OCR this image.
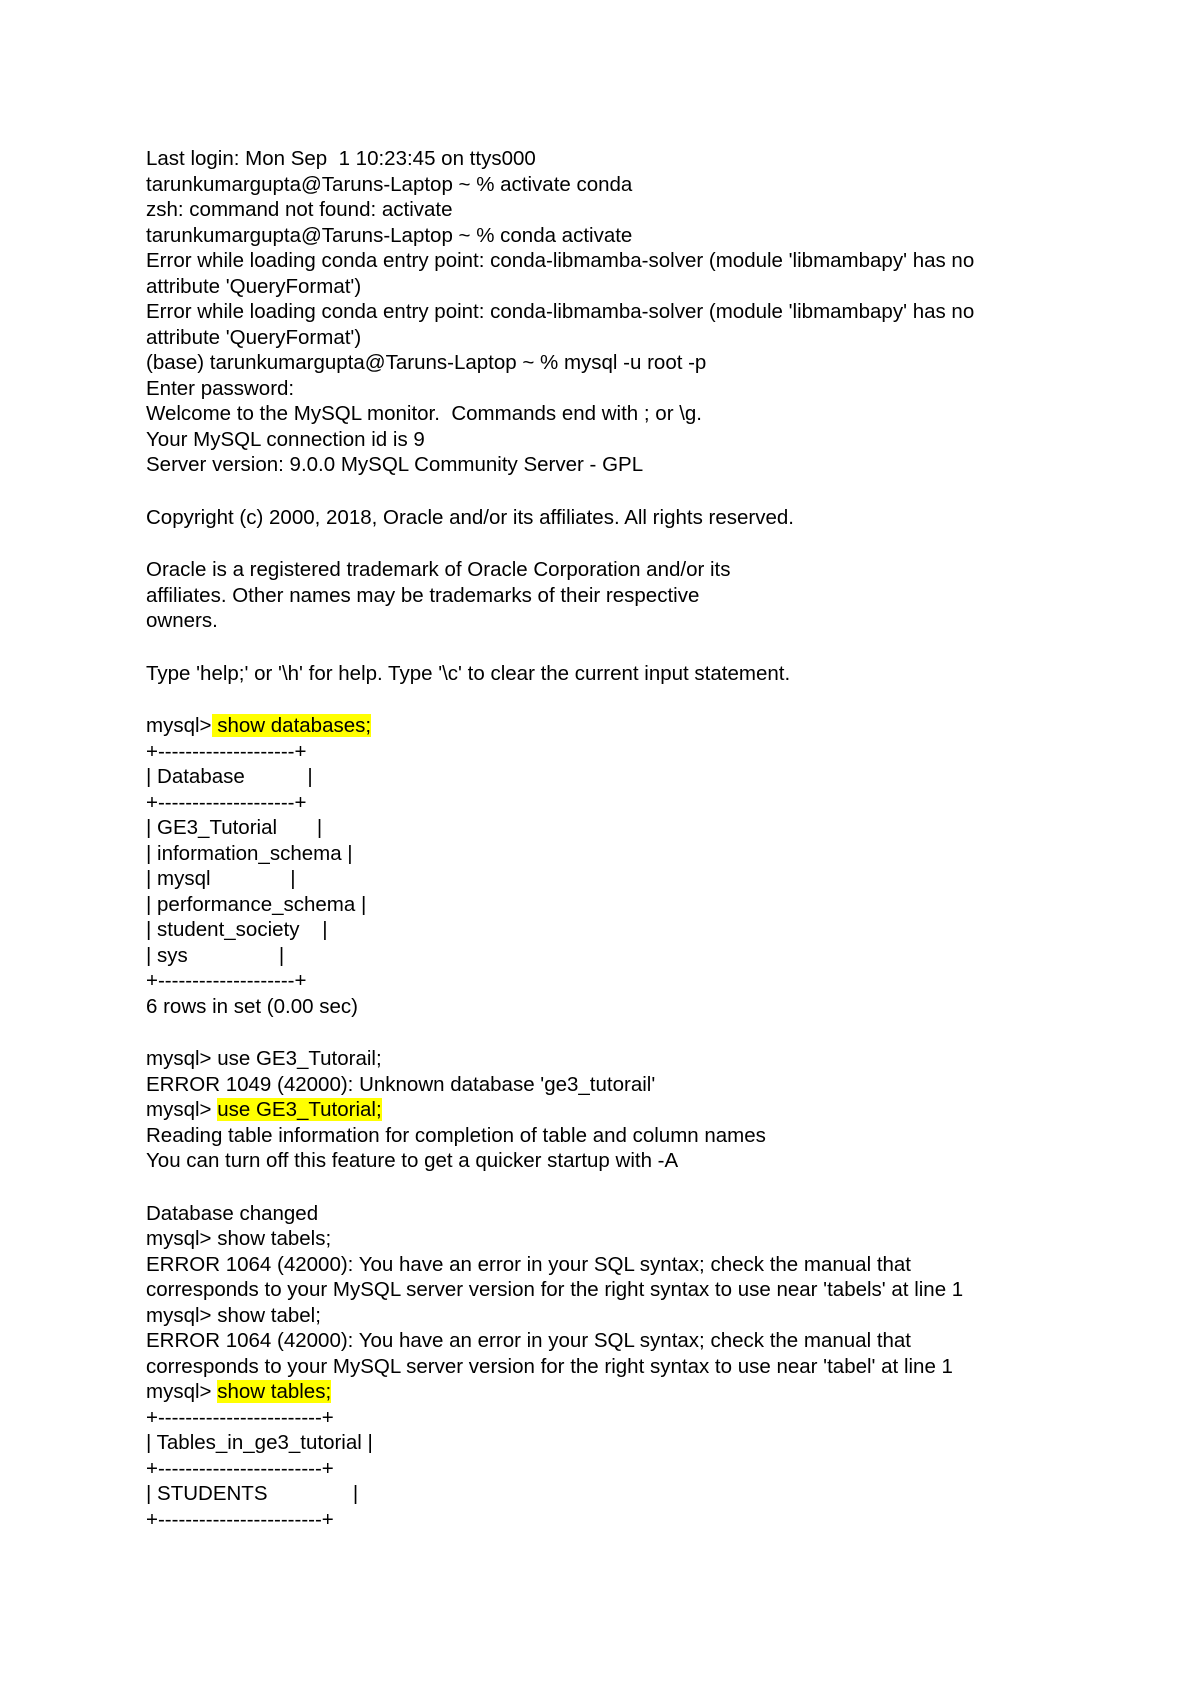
Last login: Mon Sep  1 10:23:45 on ttys000
tarunkumargupta@Taruns-Laptop ~ % activate conda
zsh: command not found: activate
tarunkumargupta@Taruns-Laptop ~ % conda activate
Error while loading conda entry point: conda-libmamba-solver (module 'libmambapy' has no
attribute 'QueryFormat')
Error while loading conda entry point: conda-libmamba-solver (module 'libmambapy' has no
attribute 'QueryFormat')
(base) tarunkumargupta@Taruns-Laptop ~ % mysql -u root -p
Enter password:
Welcome to the MySQL monitor.  Commands end with ; or \g.
Your MySQL connection id is 9
Server version: 9.0.0 MySQL Community Server - GPL
Copyright (c) 2000, 2018, Oracle and/or its affiliates. All rights reserved.
Oracle is a registered trademark of Oracle Corporation and/or its
affiliates. Other names may be trademarks of their respective
owners.
Type 'help;' or '\h' for help. Type '\c' to clear the current input statement.
mysql> show databases;
+--------------------+
| Database           |
+--------------------+
| GE3_Tutorial       |
| information_schema |
| mysql              |
| performance_schema |
| student_society    |
| sys                |
+--------------------+
6 rows in set (0.00 sec)
mysql> use GE3_Tutorail;
ERROR 1049 (42000): Unknown database 'ge3_tutorail'
mysql> use GE3_Tutorial;
Reading table information for completion of table and column names
You can turn off this feature to get a quicker startup with -A
Database changed
mysql> show tabels;
ERROR 1064 (42000): You have an error in your SQL syntax; check the manual that
corresponds to your MySQL server version for the right syntax to use near 'tabels' at line 1
mysql> show tabel;
ERROR 1064 (42000): You have an error in your SQL syntax; check the manual that
corresponds to your MySQL server version for the right syntax to use near 'tabel' at line 1
mysql> show tables;
+------------------------+
| Tables_in_ge3_tutorial |
+------------------------+
| STUDENTS               |
+------------------------+
